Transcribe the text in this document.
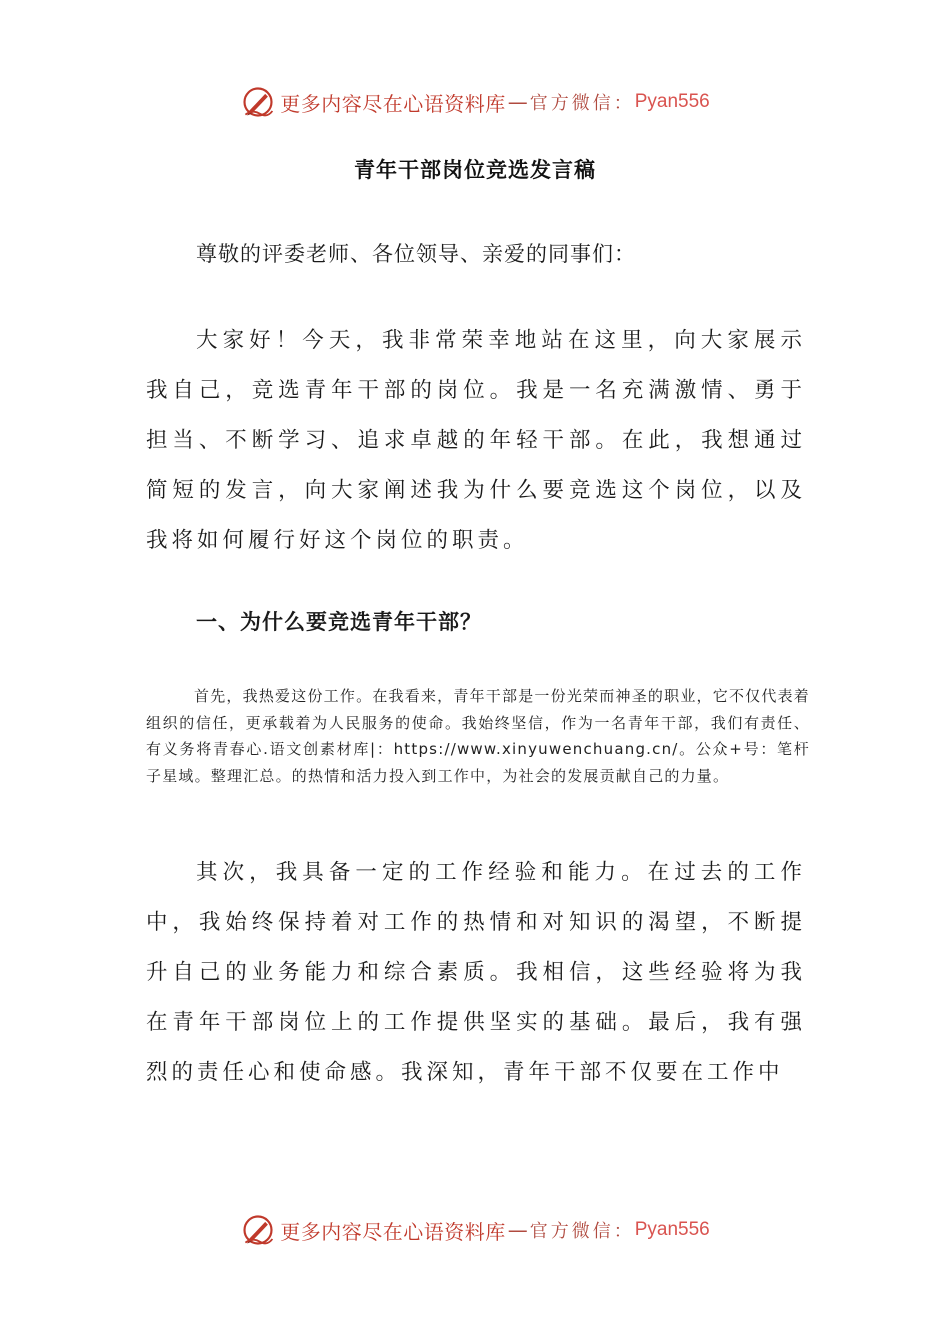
更多内容尽在心语资料库 — 官方微信： Pyan556
青年干部岗位竞选发言稿
尊敬的评委老师、各位领导、亲爱的同事们：
大家好！今天，我非常荣幸地站在这里，向大家展示我自己，竞选青年干部的岗位。我是一名充满激情、勇于担当、不断学习、追求卓越的年轻干部。在此，我想通过简短的发言，向大家阐述我为什么要竞选这个岗位，以及我将如何履行好这个岗位的职责。
一、为什么要竞选青年干部？
首先，我热爱这份工作。在我看来，青年干部是一份光荣而神圣的职业，它不仅代表着组织的信任，更承载着为人民服务的使命。我始终坚信，作为一名青年干部，我们有责任、有义务将青春心.语文创素材库|：https://www.xinyuwenchuang.cn/。公众+号：笔杆子星域。整理汇总。的热情和活力投入到工作中，为社会的发展贡献自己的力量。
其次，我具备一定的工作经验和能力。在过去的工作中，我始终保持着对工作的热情和对知识的渴望，不断提升自己的业务能力和综合素质。我相信，这些经验将为我在青年干部岗位上的工作提供坚实的基础。最后，我有强烈的责任心和使命感。我深知，青年干部不仅要在工作中
更多内容尽在心语资料库 — 官方微信： Pyan556
